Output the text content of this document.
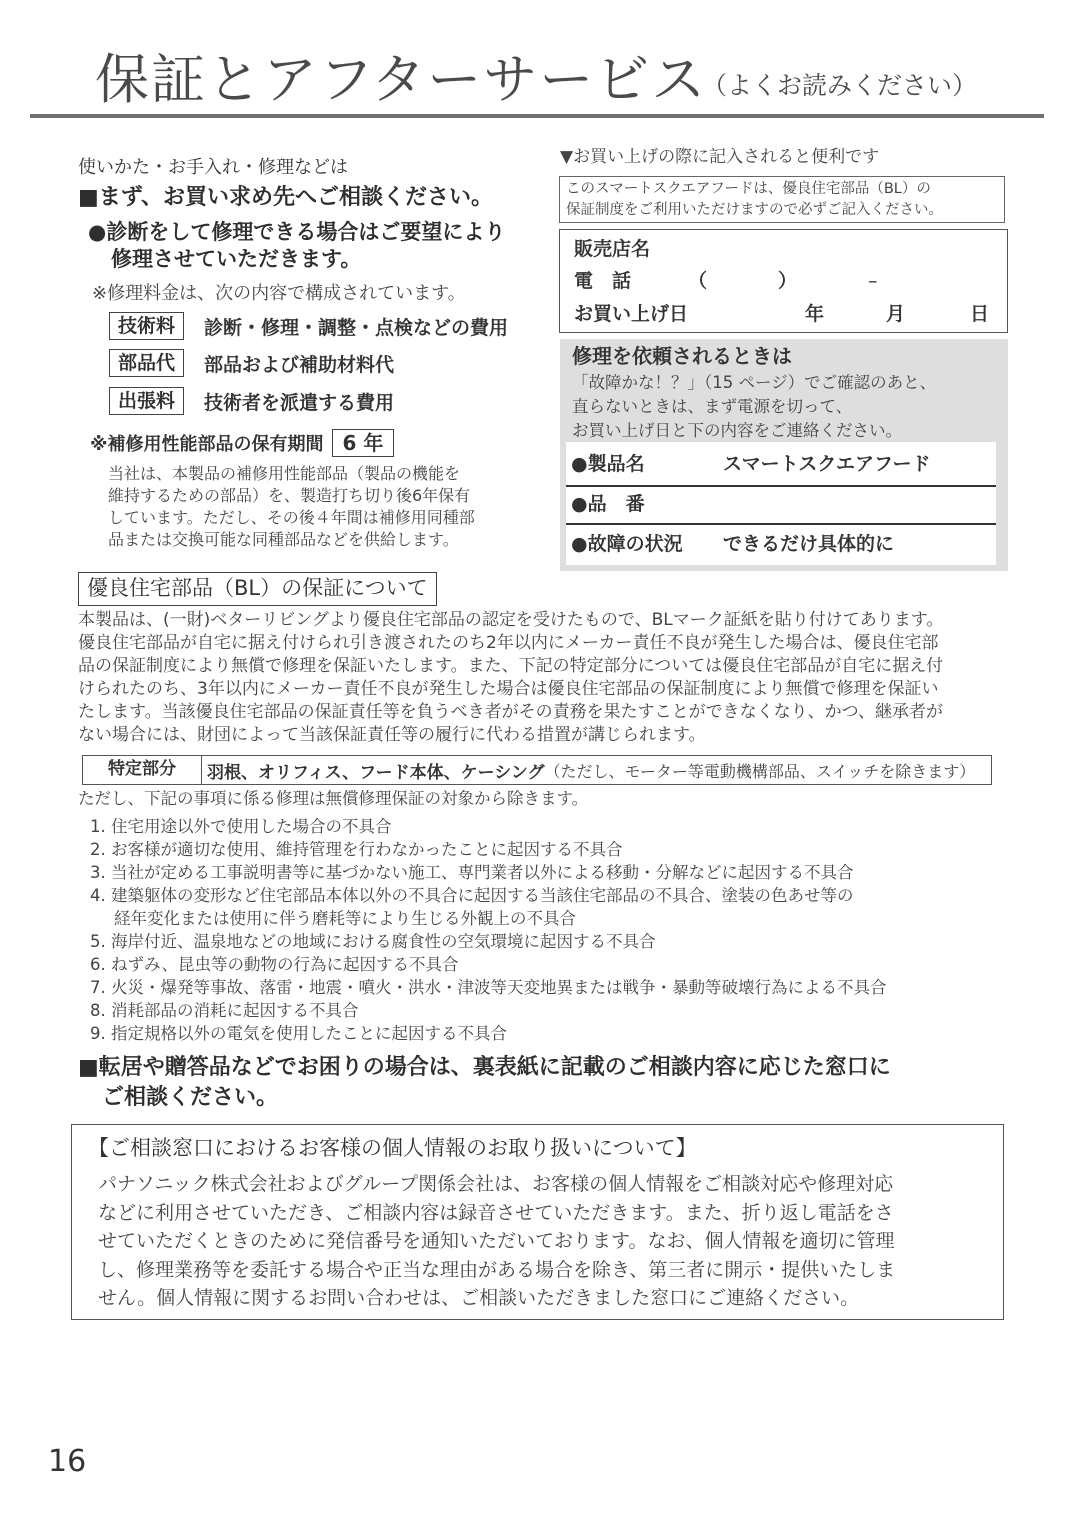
保証とアフターサービス
（よくお読みください）
使いかた・お手入れ・修理などは
■まず、お買い求め先へご相談ください。
●診断をして修理できる場合はご要望により
修理させていただきます。
※修理料金は、次の内容で構成されています。
技術料	診断・修理・調整・点検などの費用
部品代	部品および補助材料代
出張料	技術者を派遣する費用
※補修用性能部品の保有期間 6 年
当社は、本製品の補修用性能部品（製品の機能を
維持するための部品）を、製造打ち切り後6年保有
しています。ただし、その後４年間は補修用同種部
品または交換可能な同種部品などを供給します。
▼お買い上げの際に記入されると便利です
このスマートスクエアフードは、優良住宅部品（BL）の
保証制度をご利用いただけますので必ずご記入ください。
販売店名
電　話	（	）	–
お買い上げ日	年	月	日
修理を依頼されるときは
「故障かな！？」（15 ページ）でご確認のあと、
直らないときは、まず電源を切って、
お買い上げ日と下の内容をご連絡ください。
●製品名	スマートスクエアフード
●品　番
●故障の状況 できるだけ具体的に
優良住宅部品（BL）の保証について
本製品は、(一財)ベターリビングより優良住宅部品の認定を受けたもので、BLマーク証紙を貼り付けてあります。
優良住宅部品が自宅に据え付けられ引き渡されたのち2年以内にメーカー責任不良が発生した場合は、優良住宅部
品の保証制度により無償で修理を保証いたします。また、下記の特定部分については優良住宅部品が自宅に据え付
けられたのち、3年以内にメーカー責任不良が発生した場合は優良住宅部品の保証制度により無償で修理を保証い
たします。当該優良住宅部品の保証責任等を負うべき者がその責務を果たすことができなくなり、かつ、継承者が
ない場合には、財団によって当該保証責任等の履行に代わる措置が講じられます。
特定部分	羽根、オリフィス、フード本体、ケーシング （ただし、モーター等電動機構部品、スイッチを除きます）
ただし、下記の事項に係る修理は無償修理保証の対象から除きます。
1. 住宅用途以外で使用した場合の不具合
2. お客様が適切な使用、維持管理を行わなかったことに起因する不具合
3. 当社が定める工事説明書等に基づかない施工、専門業者以外による移動・分解などに起因する不具合
4. 建築躯体の変形など住宅部品本体以外の不具合に起因する当該住宅部品の不具合、塗装の色あせ等の
経年変化または使用に伴う磨耗等により生じる外観上の不具合
5. 海岸付近、温泉地などの地域における腐食性の空気環境に起因する不具合
6. ねずみ、昆虫等の動物の行為に起因する不具合
7. 火災・爆発等事故、落雷・地震・噴火・洪水・津波等天変地異または戦争・暴動等破壊行為による不具合
8. 消耗部品の消耗に起因する不具合
9. 指定規格以外の電気を使用したことに起因する不具合
■転居や贈答品などでお困りの場合は、裏表紙に記載のご相談内容に応じた窓口に
ご相談ください。
【ご相談窓口におけるお客様の個人情報のお取り扱いについて】
パナソニック株式会社およびグループ関係会社は、お客様の個人情報をご相談対応や修理対応
などに利用させていただき、ご相談内容は録音させていただきます。また、折り返し電話をさ
せていただくときのために発信番号を通知いただいております。なお、個人情報を適切に管理
し、修理業務等を委託する場合や正当な理由がある場合を除き、第三者に開示・提供いたしま
せん。個人情報に関するお問い合わせは、ご相談いただきました窓口にご連絡ください。
16
